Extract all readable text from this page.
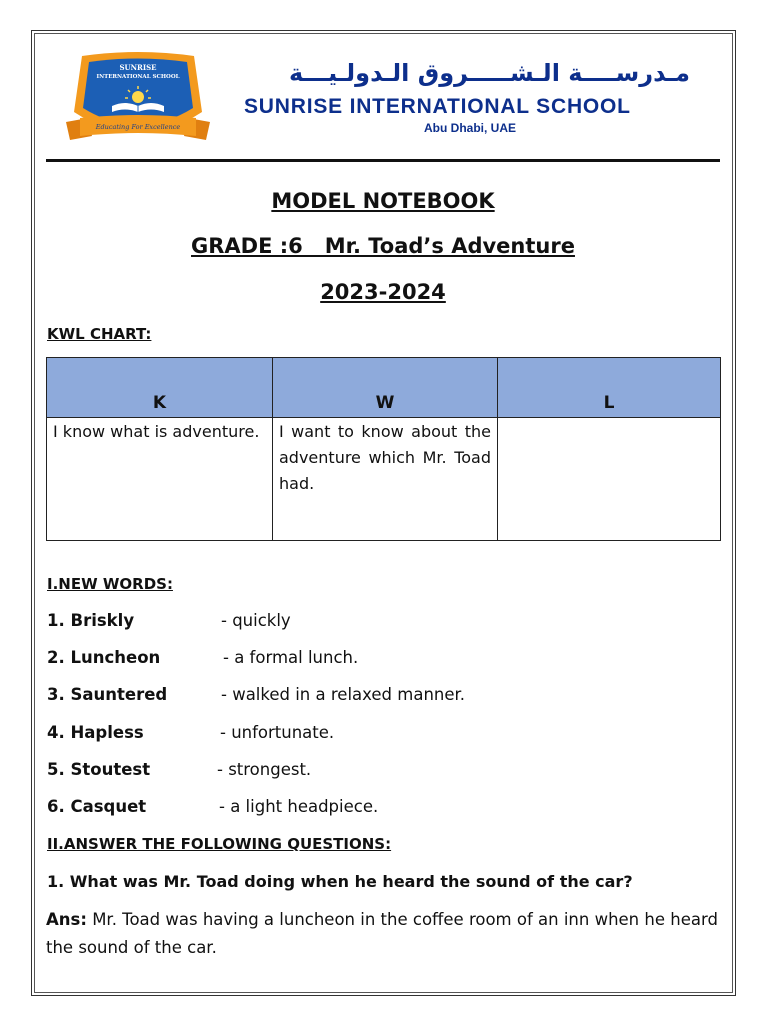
SUNRISE
INTERNATIONAL SCHOOL
Educating For Excellence
مـدرســــة الـشـــــروق الـدولـيـــة
SUNRISE INTERNATIONAL SCHOOL
Abu Dhabi, UAE
MODEL NOTEBOOK
GRADE :6   Mr. Toad’s Adventure
2023-2024
KWL CHART:
K	W	L
I know what is adventure.	I want to know about the adventure which Mr. Toad had.	
I.NEW WORDS:
1. Briskly	- quickly
2. Luncheon	- a formal lunch.
3. Sauntered	- walked in a relaxed manner.
4. Hapless	- unfortunate.
5. Stoutest	- strongest.
6. Casquet	- a light headpiece.
II.ANSWER THE FOLLOWING QUESTIONS:
1. What was Mr. Toad doing when he heard the sound of the car?
Ans: Mr. Toad was having a luncheon in the coffee room of an inn when he heard the sound of the car.
